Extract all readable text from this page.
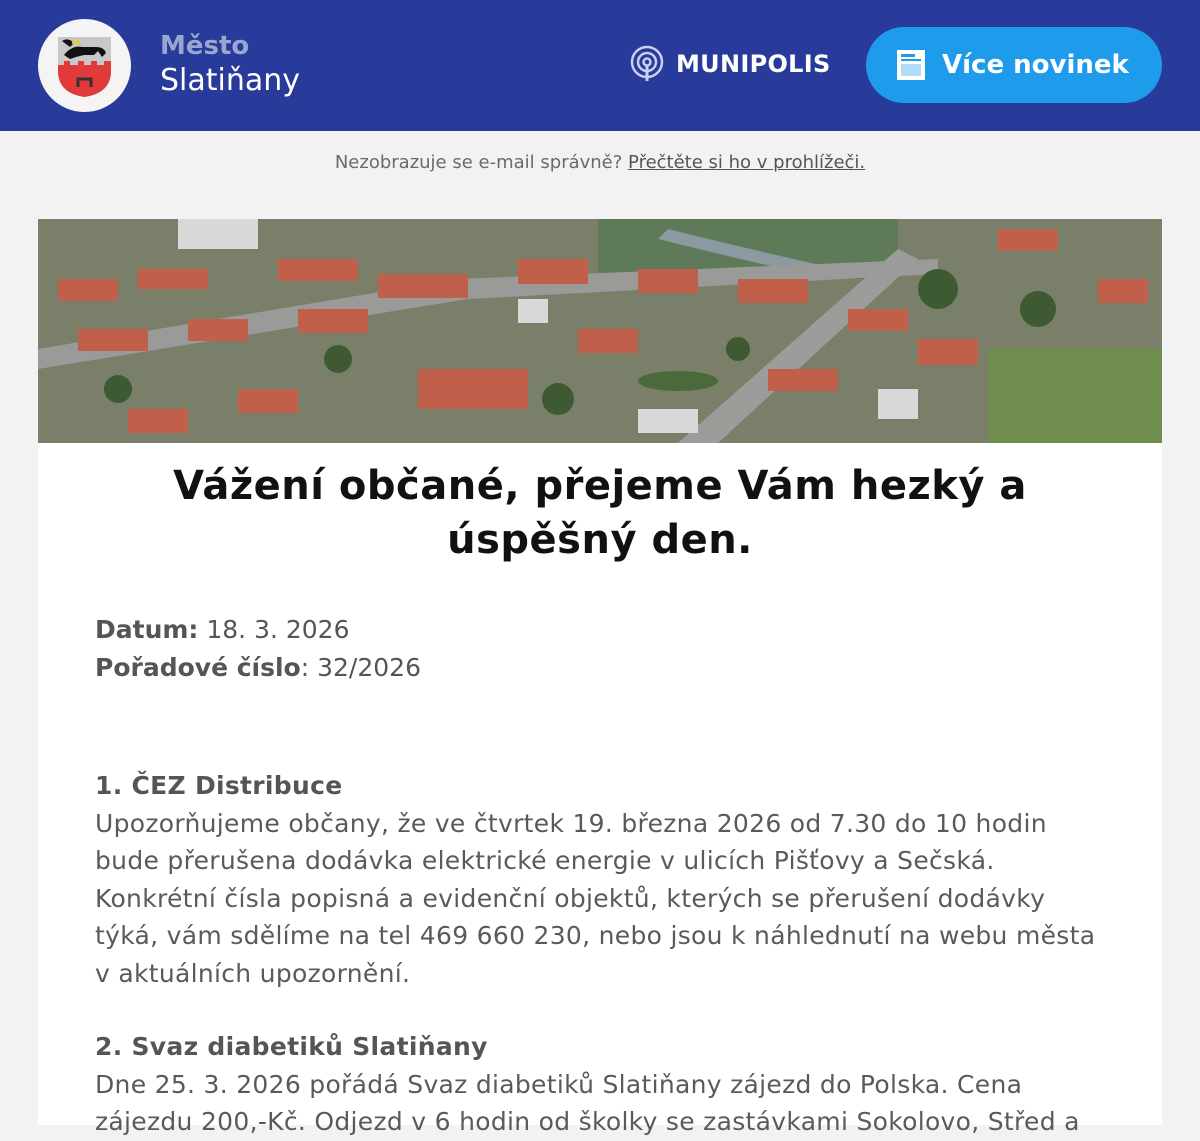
Město
Slatiňany	MUNIPOLIS	Více novinek
Nezobrazuje se e-mail správně? Přečtěte si ho v prohlížeči.
Vážení občané, přejeme Vám hezký a úspěšný den.
Datum: 18. 3. 2026
Pořadové číslo: 32/2026
1. ČEZ Distribuce

Upozorňujeme občany, že ve čtvrtek 19. března 2026 od 7.30 do 10 hodin bude přerušena dodávka elektrické energie v ulicích Pišťovy a Sečská. Konkrétní čísla popisná a evidenční objektů, kterých se přerušení dodávky týká, vám sdělíme na tel 469 660 230, nebo jsou k náhlednutí na webu města v aktuálních upozornění.

2. Svaz diabetiků Slatiňany

Dne 25. 3. 2026 pořádá Svaz diabetiků Slatiňany zájezd do Polska. Cena zájezdu 200,-Kč. Odjezd v 6 hodin od školky se zastávkami Sokolovo, Střed a
